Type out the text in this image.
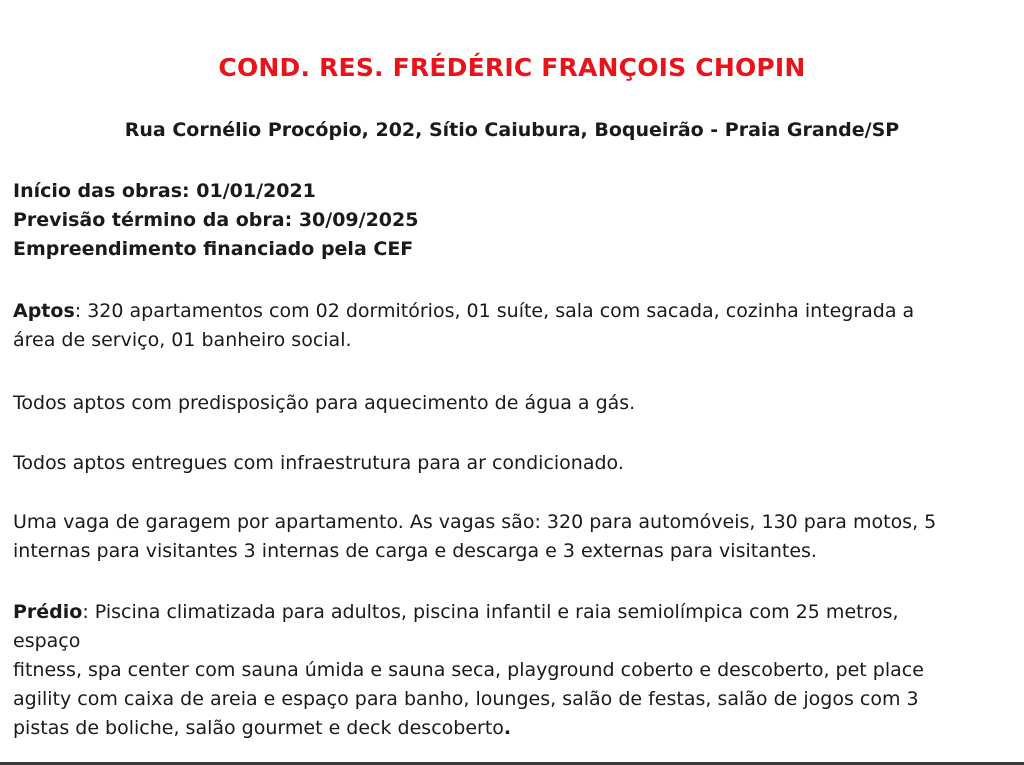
COND. RES. FRÉDÉRIC FRANÇOIS CHOPIN

Rua Cornélio Procópio, 202, Sítio Caiubura, Boqueirão - Praia Grande/SP

Início das obras: 01/01/2021
Previsão término da obra: 30/09/2025
Empreendimento financiado pela CEF
Aptos: 320 apartamentos com 02 dormitórios, 01 suíte, sala com sacada, cozinha integrada a
área de serviço, 01 banheiro social.
Todos aptos com predisposição para aquecimento de água a gás.
Todos aptos entregues com infraestrutura para ar condicionado.
Uma vaga de garagem por apartamento. As vagas são: 320 para automóveis, 130 para motos, 5
internas para visitantes 3 internas de carga e descarga e 3 externas para visitantes.
Prédio: Piscina climatizada para adultos, piscina infantil e raia semiolímpica com 25 metros,
espaço
fitness, spa center com sauna úmida e sauna seca, playground coberto e descoberto, pet place
agility com caixa de areia e espaço para banho, lounges, salão de festas, salão de jogos com 3
pistas de boliche, salão gourmet e deck descoberto.
